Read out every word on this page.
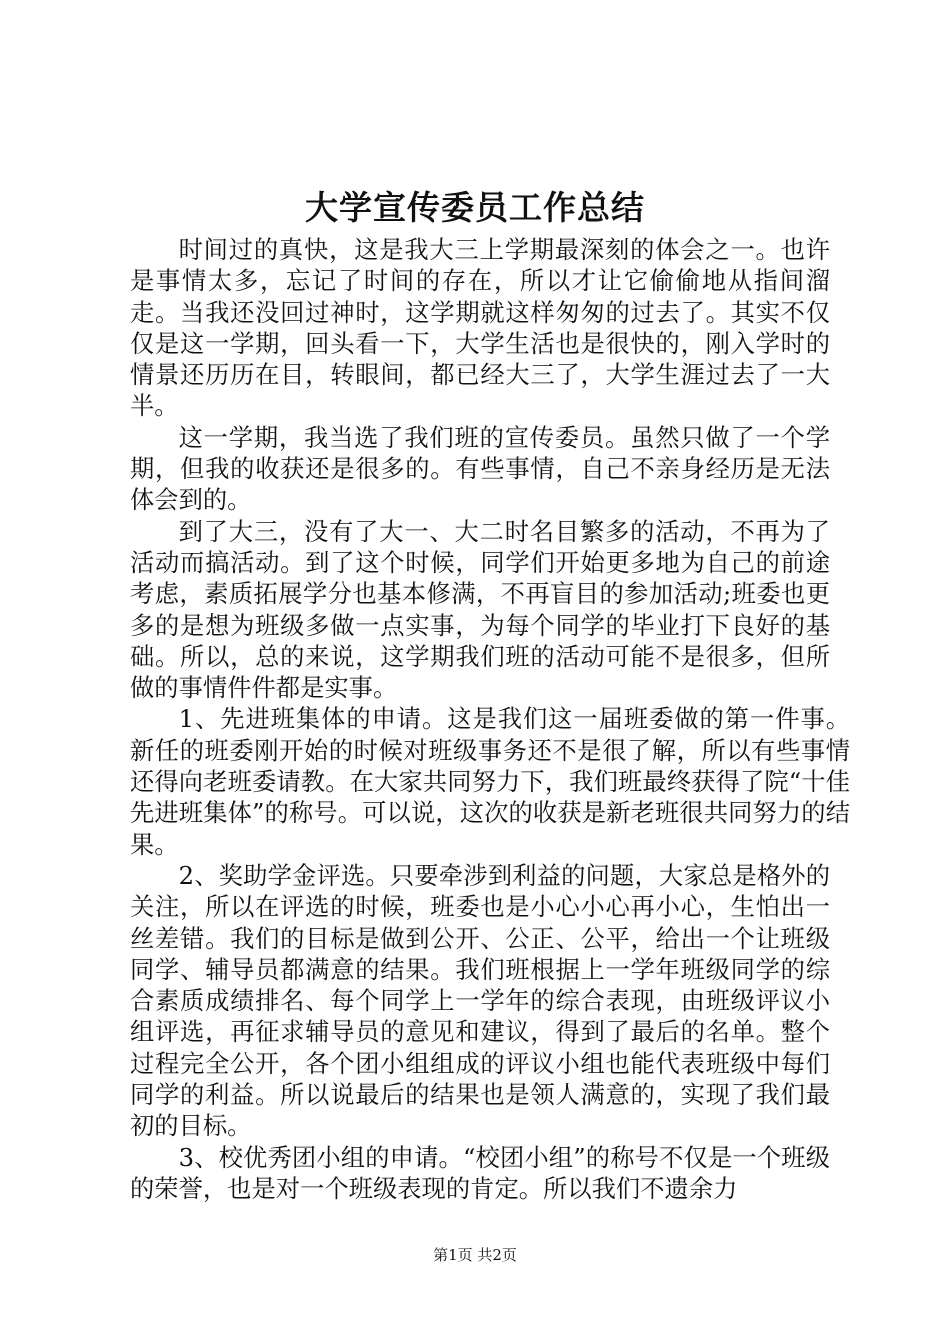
大学宣传委员工作总结

时间过的真快，这是我大三上学期最深刻的体会之一。也许是事情太多，忘记了时间的存在，所以才让它偷偷地从指间溜走。当我还没回过神时，这学期就这样匆匆的过去了。其实不仅仅是这一学期，回头看一下，大学生活也是很快的，刚入学时的情景还历历在目，转眼间，都已经大三了，大学生涯过去了一大半。

这一学期，我当选了我们班的宣传委员。虽然只做了一个学期，但我的收获还是很多的。有些事情，自己不亲身经历是无法体会到的。

到了大三，没有了大一、大二时名目繁多的活动，不再为了活动而搞活动。到了这个时候，同学们开始更多地为自己的前途考虑，素质拓展学分也基本修满，不再盲目的参加活动;班委也更多的是想为班级多做一点实事，为每个同学的毕业打下良好的基础。所以，总的来说，这学期我们班的活动可能不是很多，但所做的事情件件都是实事。

1、先进班集体的申请。这是我们这一届班委做的第一件事。新任的班委刚开始的时候对班级事务还不是很了解，所以有些事情还得向老班委请教。在大家共同努力下，我们班最终获得了院“十佳先进班集体”的称号。可以说，这次的收获是新老班很共同努力的结果。

2、奖助学金评选。只要牵涉到利益的问题，大家总是格外的关注，所以在评选的时候，班委也是小心小心再小心，生怕出一丝差错。我们的目标是做到公开、公正、公平，给出一个让班级同学、辅导员都满意的结果。我们班根据上一学年班级同学的综合素质成绩排名、每个同学上一学年的综合表现，由班级评议小组评选，再征求辅导员的意见和建议，得到了最后的名单。整个过程完全公开，各个团小组组成的评议小组也能代表班级中每们同学的利益。所以说最后的结果也是领人满意的，实现了我们最初的目标。

3、校优秀团小组的申请。“校团小组”的称号不仅是一个班级的荣誉，也是对一个班级表现的肯定。所以我们不遗余力

第1页 共2页
